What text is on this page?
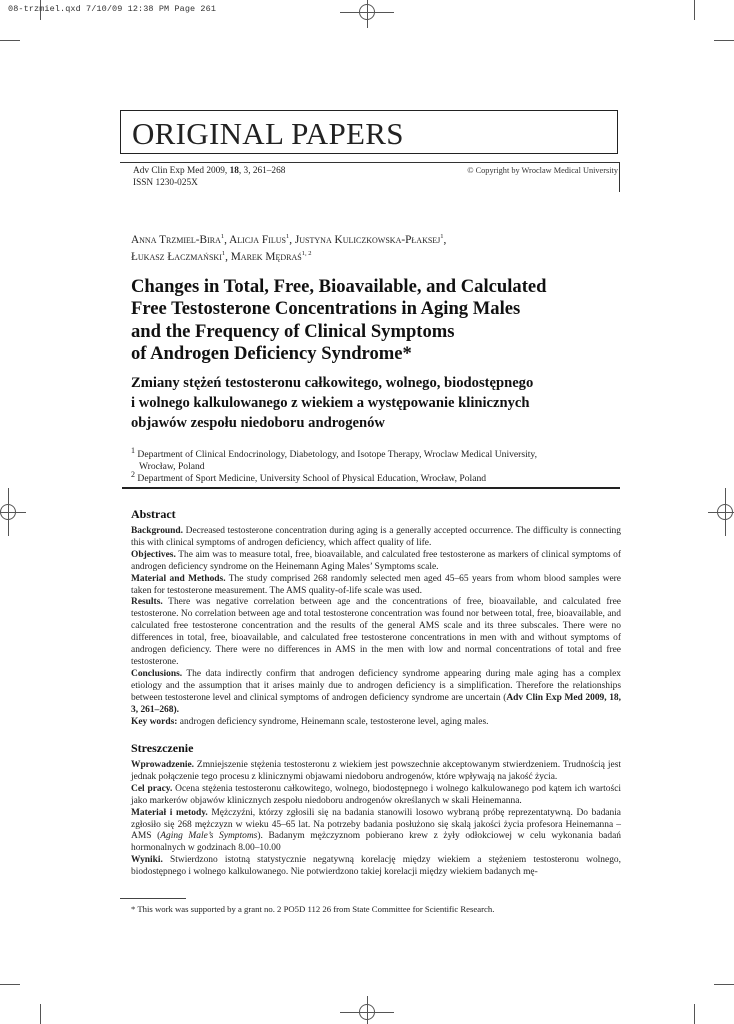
08-trzmiel.qxd 7/10/09 12:38 PM Page 261
ORIGINAL PAPERS
Adv Clin Exp Med 2009, 18, 3, 261–268
ISSN 1230-025X
© Copyright by Wroclaw Medical University
Anna Trzmiel-Bira$^1$, Alicja Filus$^1$, Justyna Kuliczkowska-Płaksej$^1$,
Łukasz Łaczmański$^1$, Marek Mędraś$^{1, 2}$
Changes in Total, Free, Bioavailable, and Calculated
Free Testosterone Concentrations in Aging Males
and the Frequency of Clinical Symptoms
of Androgen Deficiency Syndrome*
Zmiany stężeń testosteronu całkowitego, wolnego, biodostępnego
i wolnego kalkulowanego z wiekiem a występowanie klinicznych
objawów zespołu niedoboru androgenów
$^1$ Department of Clinical Endocrinology, Diabetology, and Isotope Therapy, Wroclaw Medical University,
Wrocław, Poland
$^2$ Department of Sport Medicine, University School of Physical Education, Wrocław, Poland
Abstract

Background. Decreased testosterone concentration during aging is a generally accepted occurrence. The difficulty is connecting this with clinical symptoms of androgen deficiency, which affect quality of life.

Objectives. The aim was to measure total, free, bioavailable, and calculated free testosterone as markers of clinical symptoms of androgen deficiency syndrome on the Heinemann Aging Males’ Symptoms scale.

Material and Methods. The study comprised 268 randomly selected men aged 45–65 years from whom blood samples were taken for testosterone measurement. The AMS quality-of-life scale was used.

Results. There was negative correlation between age and the concentrations of free, bioavailable, and calculated free testosterone. No correlation between age and total testosterone concentration was found nor between total, free, bioavailable, and calculated free testosterone concentration and the results of the general AMS scale and its three subscales. There were no differences in total, free, bioavailable, and calculated free testosterone concentrations in men with and without symptoms of androgen deficiency. There were no differences in AMS in the men with low and normal concentrations of total and free testosterone.

Conclusions. The data indirectly confirm that androgen deficiency syndrome appearing during male aging has a complex etiology and the assumption that it arises mainly due to androgen deficiency is a simplification. Therefore the relationships between testosterone level and clinical symptoms of androgen deficiency syndrome are uncertain (Adv Clin Exp Med 2009, 18, 3, 261–268).

Key words: androgen deficiency syndrome, Heinemann scale, testosterone level, aging males.

Streszczenie

Wprowadzenie. Zmniejszenie stężenia testosteronu z wiekiem jest powszechnie akceptowanym stwierdzeniem. Trudnością jest jednak połączenie tego procesu z klinicznymi objawami niedoboru androgenów, które wpływają na jakość życia.

Cel pracy. Ocena stężenia testosteronu całkowitego, wolnego, biodostępnego i wolnego kalkulowanego pod kątem ich wartości jako markerów objawów klinicznych zespołu niedoboru androgenów określanych w skali Heinemanna.

Materiał i metody. Mężczyźni, którzy zgłosili się na badania stanowili losowo wybraną próbę reprezentatywną. Do badania zgłosiło się 268 mężczyzn w wieku 45–65 lat. Na potrzeby badania posłużono się skalą jakości życia profesora Heinemanna – AMS (Aging Male’s Symptoms). Badanym mężczyznom pobierano krew z żyły odłokciowej w celu wykonania badań hormonalnych w godzinach 8.00–10.00

Wyniki. Stwierdzono istotną statystycznie negatywną korelację między wiekiem a stężeniem testosteronu wolnego, biodostępnego i wolnego kalkulowanego. Nie potwierdzono takiej korelacji między wiekiem badanych mę-

* This work was supported by a grant no. 2 PO5D 112 26 from State Committee for Scientific Research.
